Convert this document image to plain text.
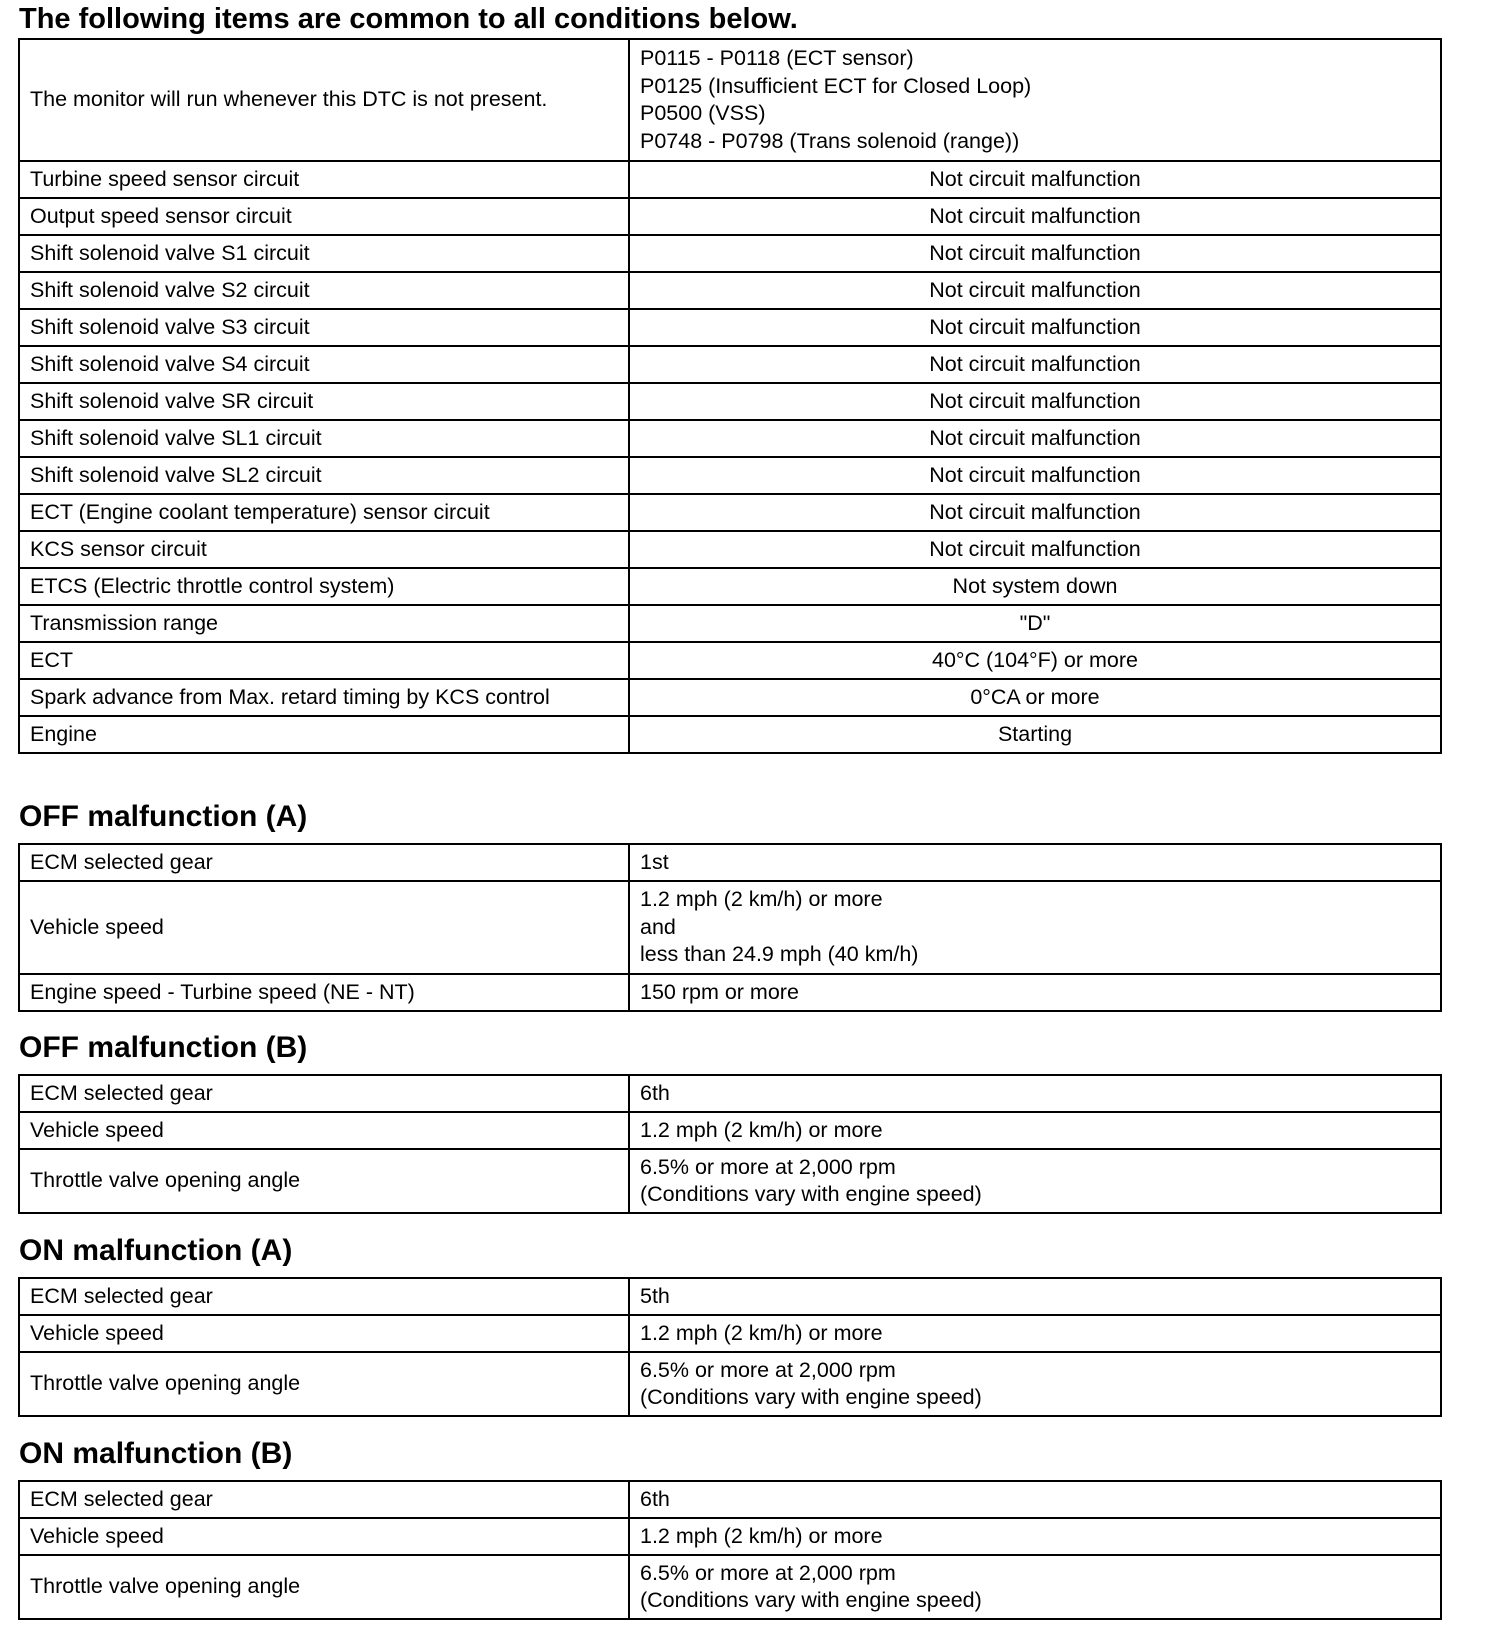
The following items are common to all conditions below.
The monitor will run whenever this DTC is not present.	P0115 - P0118 (ECT sensor)
P0125 (Insufficient ECT for Closed Loop)
P0500 (VSS)
P0748 - P0798 (Trans solenoid (range))

Turbine speed sensor circuit	Not circuit malfunction
Output speed sensor circuit	Not circuit malfunction
Shift solenoid valve S1 circuit	Not circuit malfunction
Shift solenoid valve S2 circuit	Not circuit malfunction
Shift solenoid valve S3 circuit	Not circuit malfunction
Shift solenoid valve S4 circuit	Not circuit malfunction
Shift solenoid valve SR circuit	Not circuit malfunction
Shift solenoid valve SL1 circuit	Not circuit malfunction
Shift solenoid valve SL2 circuit	Not circuit malfunction
ECT (Engine coolant temperature) sensor circuit	Not circuit malfunction
KCS sensor circuit	Not circuit malfunction
ETCS (Electric throttle control system)	Not system down
Transmission range	"D"
ECT	40°C (104°F) or more
Spark advance from Max. retard timing by KCS control	0°CA or more
Engine	Starting
OFF malfunction (A)
ECM selected gear	1st

Vehicle speed	1.2 mph (2 km/h) or more
and
less than 24.9 mph (40 km/h)

Engine speed - Turbine speed (NE - NT)	150 rpm or more
OFF malfunction (B)
ECM selected gear	6th

Vehicle speed	1.2 mph (2 km/h) or more

Throttle valve opening angle	6.5% or more at 2,000 rpm
(Conditions vary with engine speed)
ON malfunction (A)
ECM selected gear	5th

Vehicle speed	1.2 mph (2 km/h) or more

Throttle valve opening angle	6.5% or more at 2,000 rpm
(Conditions vary with engine speed)
ON malfunction (B)
ECM selected gear	6th

Vehicle speed	1.2 mph (2 km/h) or more

Throttle valve opening angle	6.5% or more at 2,000 rpm
(Conditions vary with engine speed)
